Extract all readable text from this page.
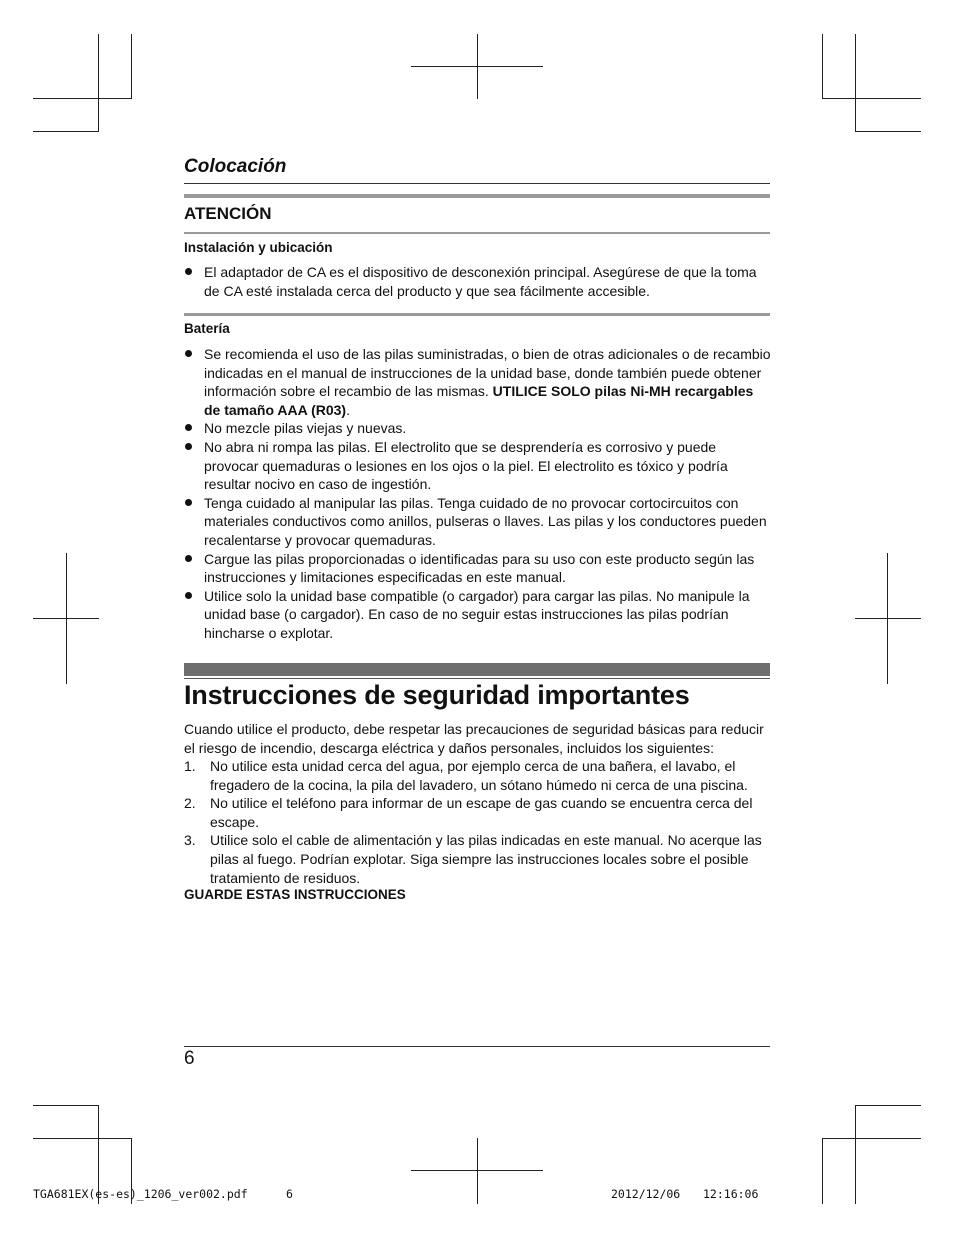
Colocación
ATENCIÓN
Instalación y ubicación
El adaptador de CA es el dispositivo de desconexión principal. Asegúrese de que la toma de CA esté instalada cerca del producto y que sea fácilmente accesible.
Batería
Se recomienda el uso de las pilas suministradas, o bien de otras adicionales o de recambio indicadas en el manual de instrucciones de la unidad base, donde también puede obtener información sobre el recambio de las mismas. UTILICE SOLO pilas Ni-MH recargables de tamaño AAA (R03).
No mezcle pilas viejas y nuevas.
No abra ni rompa las pilas. El electrolito que se desprendería es corrosivo y puede provocar quemaduras o lesiones en los ojos o la piel. El electrolito es tóxico y podría resultar nocivo en caso de ingestión.
Tenga cuidado al manipular las pilas. Tenga cuidado de no provocar cortocircuitos con materiales conductivos como anillos, pulseras o llaves. Las pilas y los conductores pueden recalentarse y provocar quemaduras.
Cargue las pilas proporcionadas o identificadas para su uso con este producto según las instrucciones y limitaciones especificadas en este manual.
Utilice solo la unidad base compatible (o cargador) para cargar las pilas. No manipule la unidad base (o cargador). En caso de no seguir estas instrucciones las pilas podrían hincharse o explotar.
Instrucciones de seguridad importantes
Cuando utilice el producto, debe respetar las precauciones de seguridad básicas para reducir el riesgo de incendio, descarga eléctrica y daños personales, incluidos los siguientes:
1. No utilice esta unidad cerca del agua, por ejemplo cerca de una bañera, el lavabo, el fregadero de la cocina, la pila del lavadero, un sótano húmedo ni cerca de una piscina.
2. No utilice el teléfono para informar de un escape de gas cuando se encuentra cerca del escape.
3. Utilice solo el cable de alimentación y las pilas indicadas en este manual. No acerque las pilas al fuego. Podrían explotar. Siga siempre las instrucciones locales sobre el posible tratamiento de residuos.
GUARDE ESTAS INSTRUCCIONES
6
TGA681EX(es-es)_1206_ver002.pdf	6	2012/12/06 12:16:06
